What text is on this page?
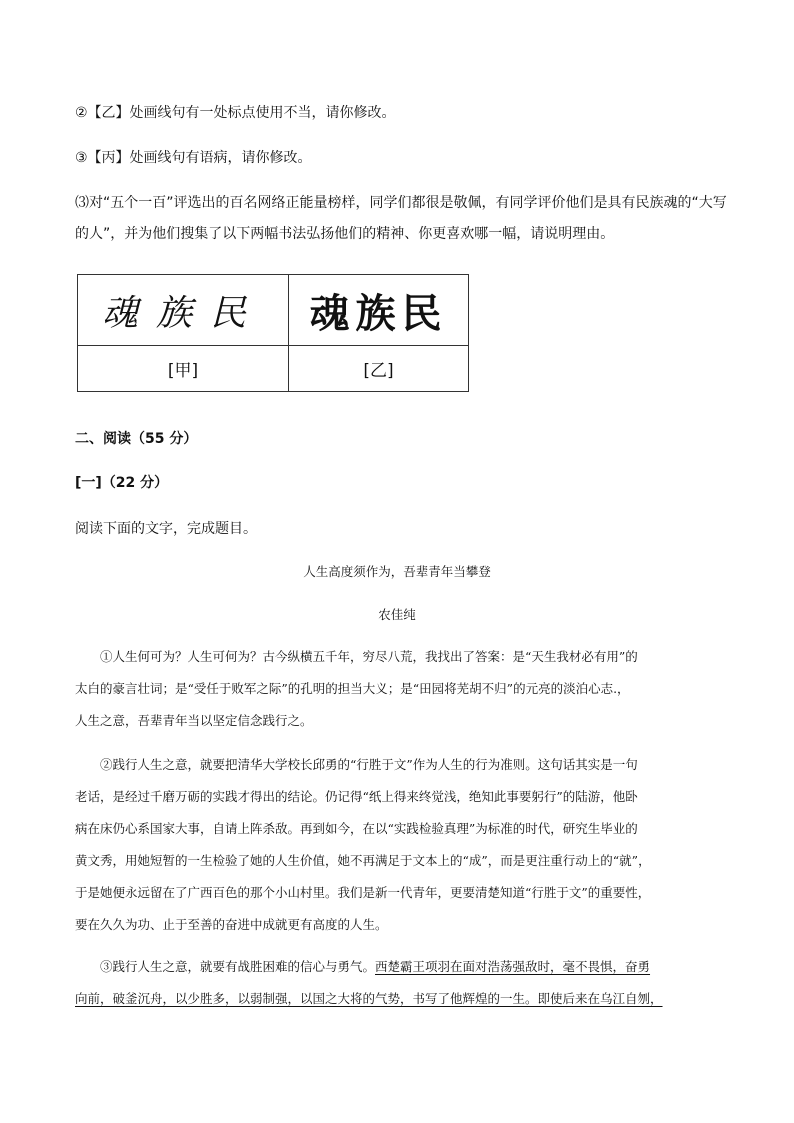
②【乙】处画线句有一处标点使用不当，请你修改。
③【丙】处画线句有语病，请你修改。
⑶对“五个一百”评选出的百名网络正能量榜样，同学们都很是敬佩，有同学评价他们是具有民族魂的“大写
的人”，并为他们搜集了以下两幅书法弘扬他们的精神、你更喜欢哪一幅，请说明理由。
魂族民	魂族民
[甲]	[乙]
二、阅读（55 分）
[一]（22 分）
阅读下面的文字，完成题目。
人生高度须作为，吾辈青年当攀登
农佳纯
①人生何可为？人生可何为？古今纵横五千年，穷尽八荒，我找出了答案：是“天生我材必有用”的
太白的豪言壮词；是“受任于败军之际”的孔明的担当大义；是“田园将芜胡不归”的元亮的淡泊心志.，
人生之意，吾辈青年当以坚定信念践行之。
②践行人生之意，就要把清华大学校长邱勇的“行胜于文”作为人生的行为准则。这句话其实是一句
老话，是经过千磨万砺的实践才得出的结论。仍记得“纸上得来终觉浅，绝知此事要躬行”的陆游，他卧
病在床仍心系国家大事，自请上阵杀敌。再到如今，在以“实践检验真理”为标准的时代，研究生毕业的
黄文秀，用她短暂的一生检验了她的人生价值，她不再满足于文本上的“成”，而是更注重行动上的“就”，
于是她便永远留在了广西百色的那个小山村里。我们是新一代青年，更要清楚知道“行胜于文”的重要性，
要在久久为功、止于至善的奋进中成就更有高度的人生。
③践行人生之意，就要有战胜困难的信心与勇气。西楚霸王项羽在面对浩荡强敌时，毫不畏惧，奋勇
向前，破釜沉舟，以少胜多，以弱制强，以国之大将的气势，书写了他辉煌的一生。即使后来在乌江自刎，
